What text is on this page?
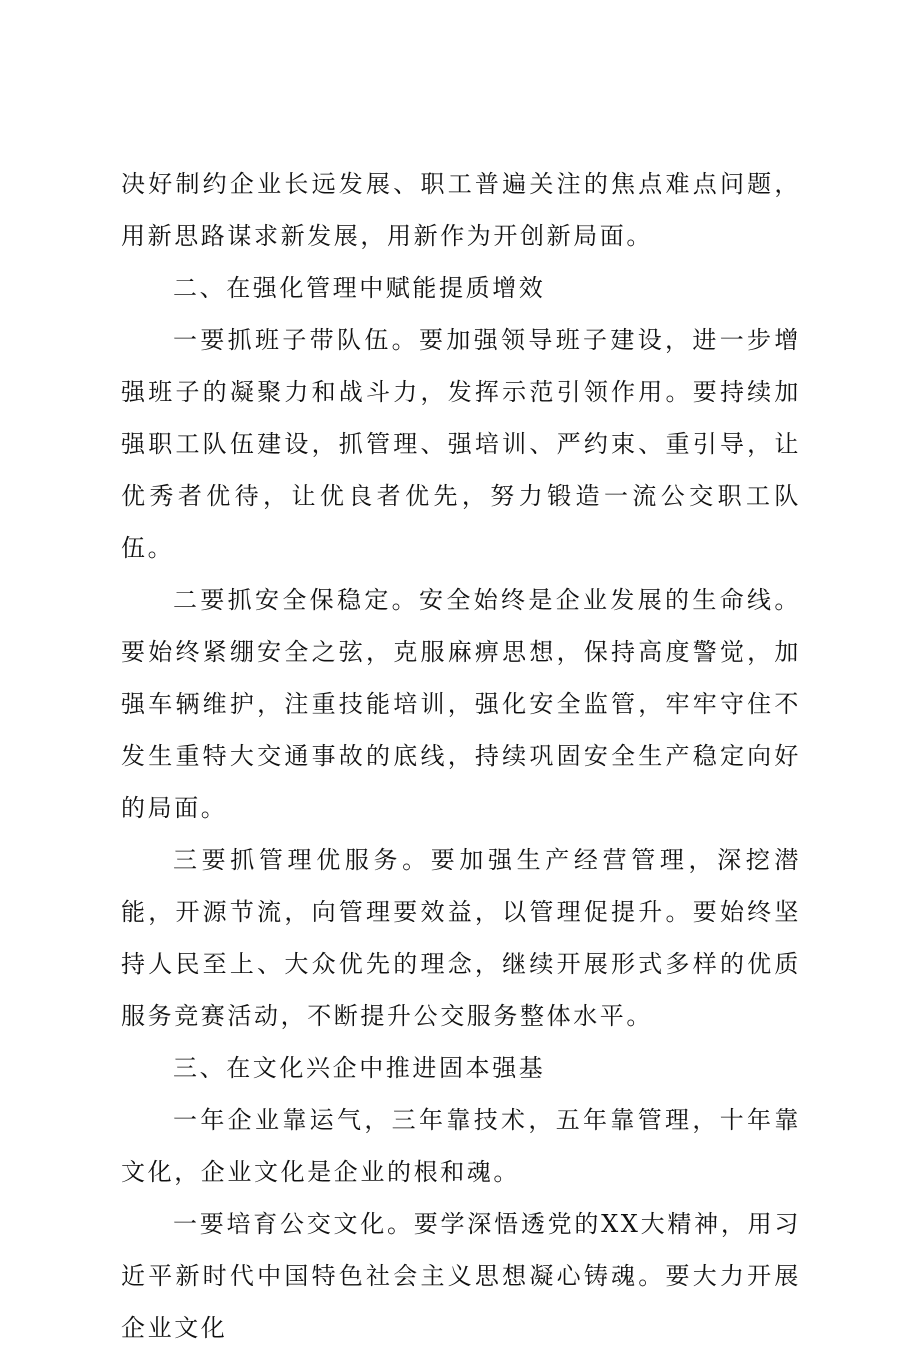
决好制约企业长远发展、职工普遍关注的焦点难点问题，用新思路谋求新发展，用新作为开创新局面。

二、在强化管理中赋能提质增效

一要抓班子带队伍。要加强领导班子建设，进一步增强班子的凝聚力和战斗力，发挥示范引领作用。要持续加强职工队伍建设，抓管理、强培训、严约束、重引导，让优秀者优待，让优良者优先，努力锻造一流公交职工队伍。

二要抓安全保稳定。安全始终是企业发展的生命线。要始终紧绷安全之弦，克服麻痹思想，保持高度警觉，加强车辆维护，注重技能培训，强化安全监管，牢牢守住不发生重特大交通事故的底线，持续巩固安全生产稳定向好的局面。

三要抓管理优服务。要加强生产经营管理，深挖潜能，开源节流，向管理要效益，以管理促提升。要始终坚持人民至上、大众优先的理念，继续开展形式多样的优质服务竞赛活动，不断提升公交服务整体水平。

三、在文化兴企中推进固本强基

一年企业靠运气，三年靠技术，五年靠管理，十年靠文化，企业文化是企业的根和魂。

一要培育公交文化。要学深悟透党的XX大精神，用习近平新时代中国特色社会主义思想凝心铸魂。要大力开展企业文化
